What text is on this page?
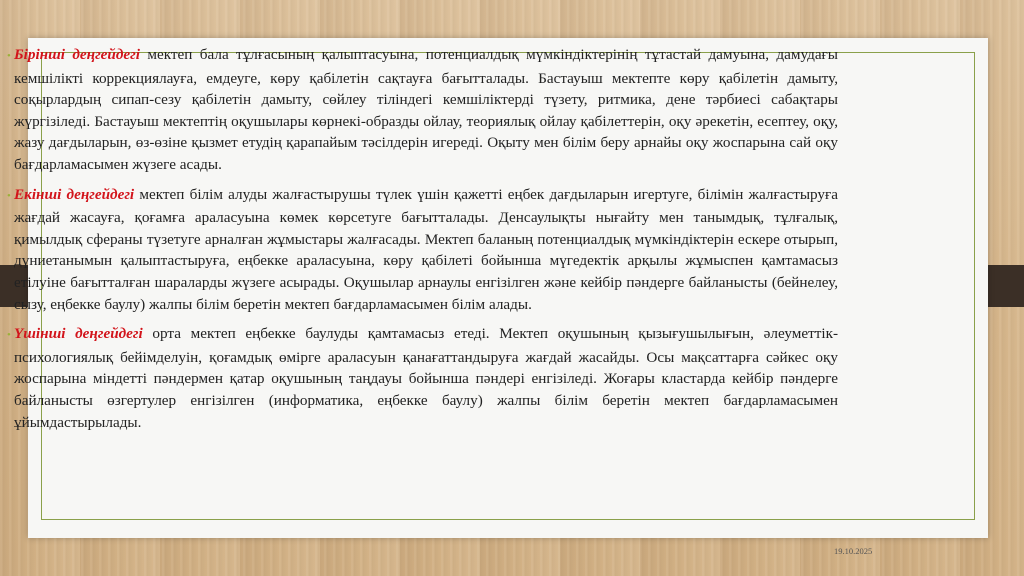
19.10.2025

• Бірінші деңгейдегі мектеп бала тұлғасының қалыптасуына, потенциалдық мүмкіндіктерінің тұтастай дамуына, дамудағы кемшілікті коррекциялауға, емдеуге, көру қабілетін сақтауға бағытталады. Бастауыш мектепте көру қабілетін дамыту, соқырлардың сипап-сезу қабілетін дамыту, сөйлеу тіліндегі кемшіліктерді түзету, ритмика, дене тәрбиесі сабақтары жүргізіледі. Бастауыш мектептің оқушылары көрнекі-образды ойлау, теориялық ойлау қабілеттерін, оқу әрекетін, есептеу, оқу, жазу дағдыларын, өз-өзіне қызмет етудің қарапайым тәсілдерін игереді. Оқыту мен білім беру арнайы оқу жоспарына сай оқу бағдарламасымен жүзеге асады.

• Екінші деңгейдегі мектеп білім алуды жалғастырушы түлек үшін қажетті еңбек дағдыларын игертуге, білімін жалғастыруға жағдай жасауға, қоғамға араласуына көмек көрсетуге бағытталады. Денсаулықты нығайту мен танымдық, тұлғалық, қимылдық сфераны түзетуге арналған жұмыстары жалғасады. Мектеп баланың потенциалдық мүмкіндіктерін ескере отырып, дүниетанымын қалыптастыруға, еңбекке араласуына, көру қабілеті бойынша мүгедектік арқылы жұмыспен қамтамасыз етілуіне бағытталған шараларды жүзеге асырады. Оқушылар арнаулы енгізілген және кейбір пәндерге байланысты (бейнелеу, сызу, еңбекке баулу) жалпы білім беретін мектеп бағдарламасымен білім алады.

• Үшінші деңгейдегі орта мектеп еңбекке баулуды қамтамасыз етеді. Мектеп оқушының қызығушылығын, әлеуметтік-психологиялық бейімделуін, қоғамдық өмірге араласуын қанағаттандыруға жағдай жасайды. Осы мақсаттарға сәйкес оқу жоспарына міндетті пәндермен қатар оқушының таңдауы бойынша пәндері енгізіледі. Жоғары кластарда кейбір пәндерге байланысты өзгертулер енгізілген (информатика, еңбекке баулу) жалпы білім беретін мектеп бағдарламасымен ұйымдастырылады.
